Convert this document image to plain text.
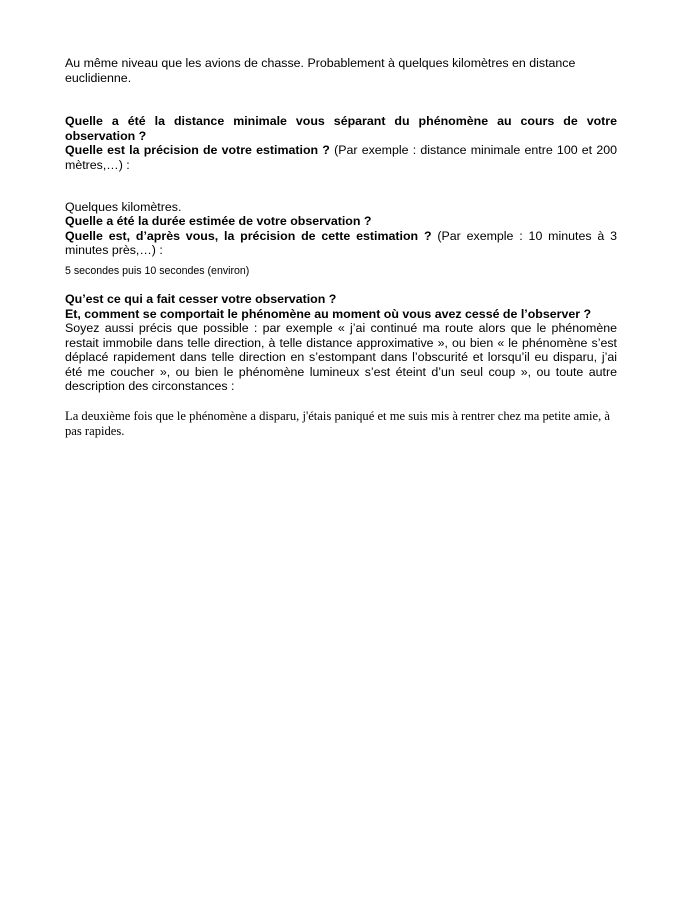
Au même niveau que les avions de chasse. Probablement à quelques kilomètres en distance euclidienne.

Quelle a été la distance minimale vous séparant du phénomène au cours de votre observation ?

Quelle est la précision de votre estimation ? (Par exemple : distance minimale entre 100 et 200 mètres,…) :

Quelques kilomètres.

Quelle a été la durée estimée de votre observation ?

Quelle est, d’après vous, la précision de cette estimation ? (Par exemple : 10 minutes à 3 minutes près,…) :

5 secondes puis 10 secondes (environ)

Qu’est ce qui a fait cesser votre observation ?

Et, comment se comportait le phénomène au moment où vous avez cessé de l’observer ?

Soyez aussi précis que possible : par exemple « j’ai continué ma route alors que le phénomène restait immobile dans telle direction, à telle distance approximative », ou bien « le phénomène s’est déplacé rapidement dans telle direction en s’estompant dans l’obscurité et lorsqu’il eu disparu, j’ai été me coucher », ou bien le phénomène lumineux s’est éteint d’un seul coup », ou toute autre description des circonstances :

La deuxième fois que le phénomène a disparu, j'étais paniqué et me suis mis à rentrer chez ma petite amie, à pas rapides.
